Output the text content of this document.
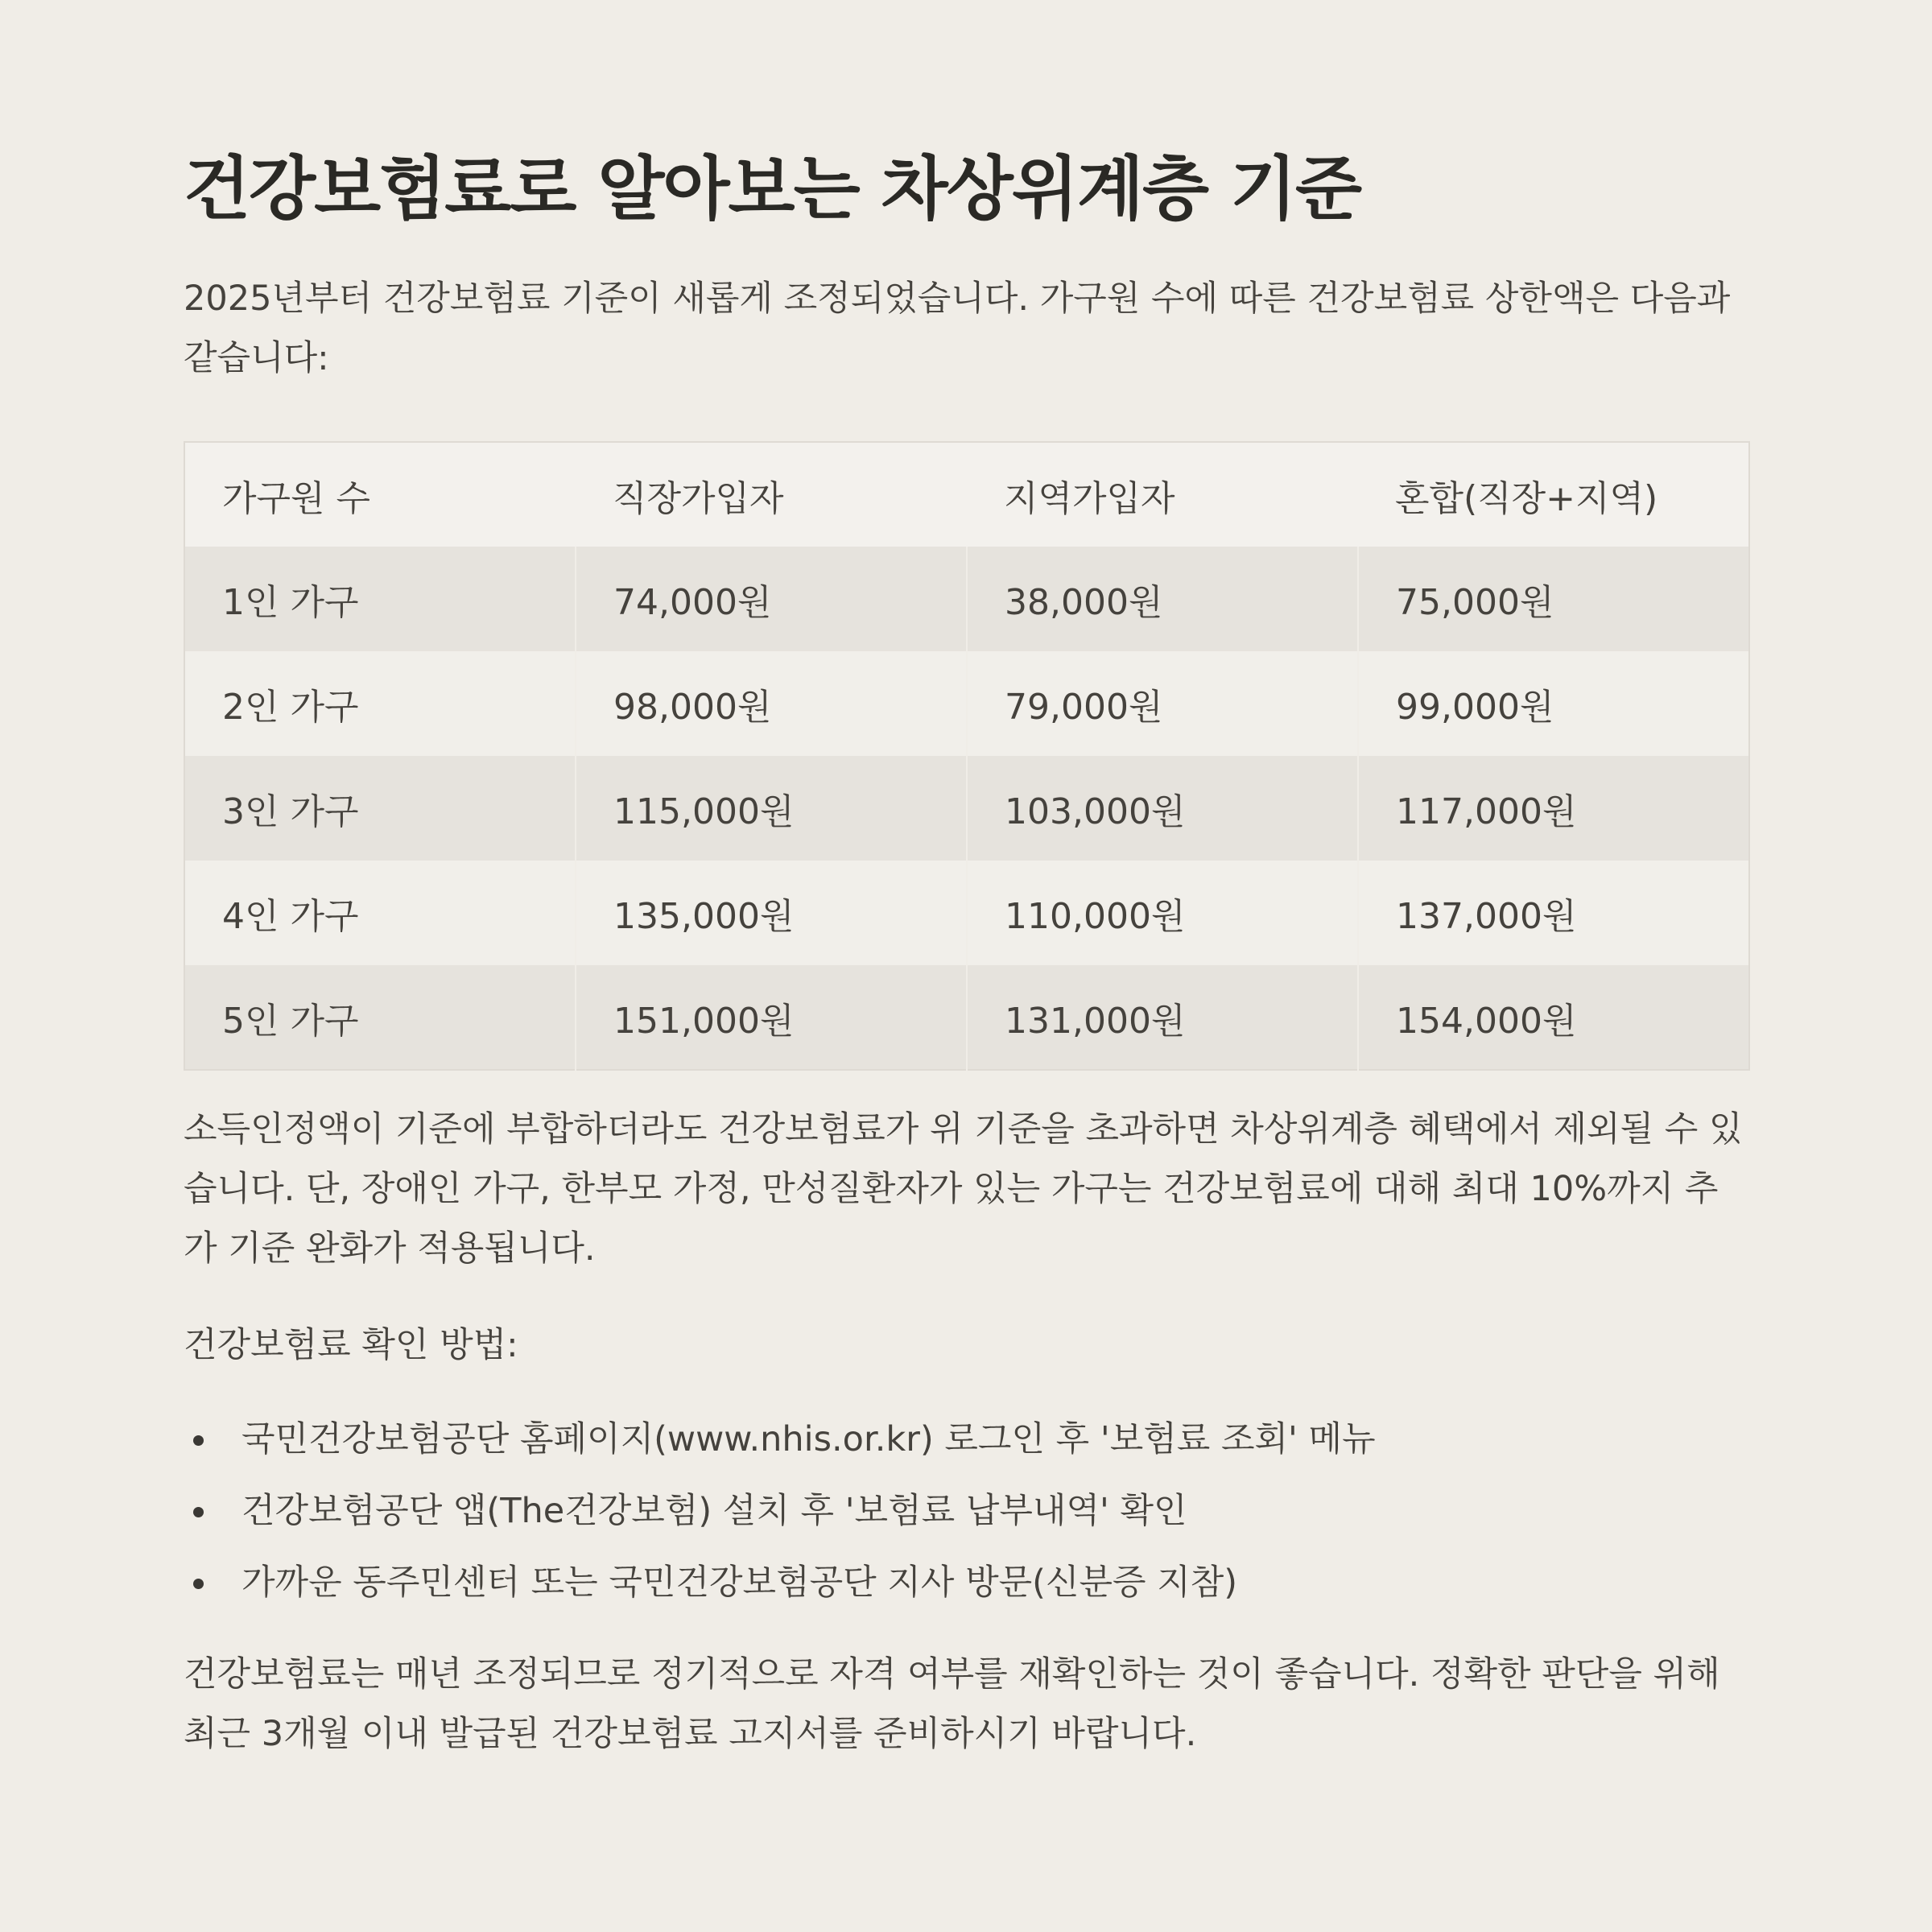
건강보험료로 알아보는 차상위계층 기준

2025년부터 건강보험료 기준이 새롭게 조정되었습니다. 가구원 수에 따른 건강보험료 상한액은 다음과 같습니다:

가구원 수	직장가입자	지역가입자	혼합(직장+지역)
1인 가구	74,000원	38,000원	75,000원
2인 가구	98,000원	79,000원	99,000원
3인 가구	115,000원	103,000원	117,000원
4인 가구	135,000원	110,000원	137,000원
5인 가구	151,000원	131,000원	154,000원

소득인정액이 기준에 부합하더라도 건강보험료가 위 기준을 초과하면 차상위계층 혜택에서 제외될 수 있습니다. 단, 장애인 가구, 한부모 가정, 만성질환자가 있는 가구는 건강보험료에 대해 최대 10%까지 추가 기준 완화가 적용됩니다.

건강보험료 확인 방법:

국민건강보험공단 홈페이지(www.nhis.or.kr) 로그인 후 '보험료 조회' 메뉴
건강보험공단 앱(The건강보험) 설치 후 '보험료 납부내역' 확인
가까운 동주민센터 또는 국민건강보험공단 지사 방문(신분증 지참)

건강보험료는 매년 조정되므로 정기적으로 자격 여부를 재확인하는 것이 좋습니다. 정확한 판단을 위해 최근 3개월 이내 발급된 건강보험료 고지서를 준비하시기 바랍니다.
